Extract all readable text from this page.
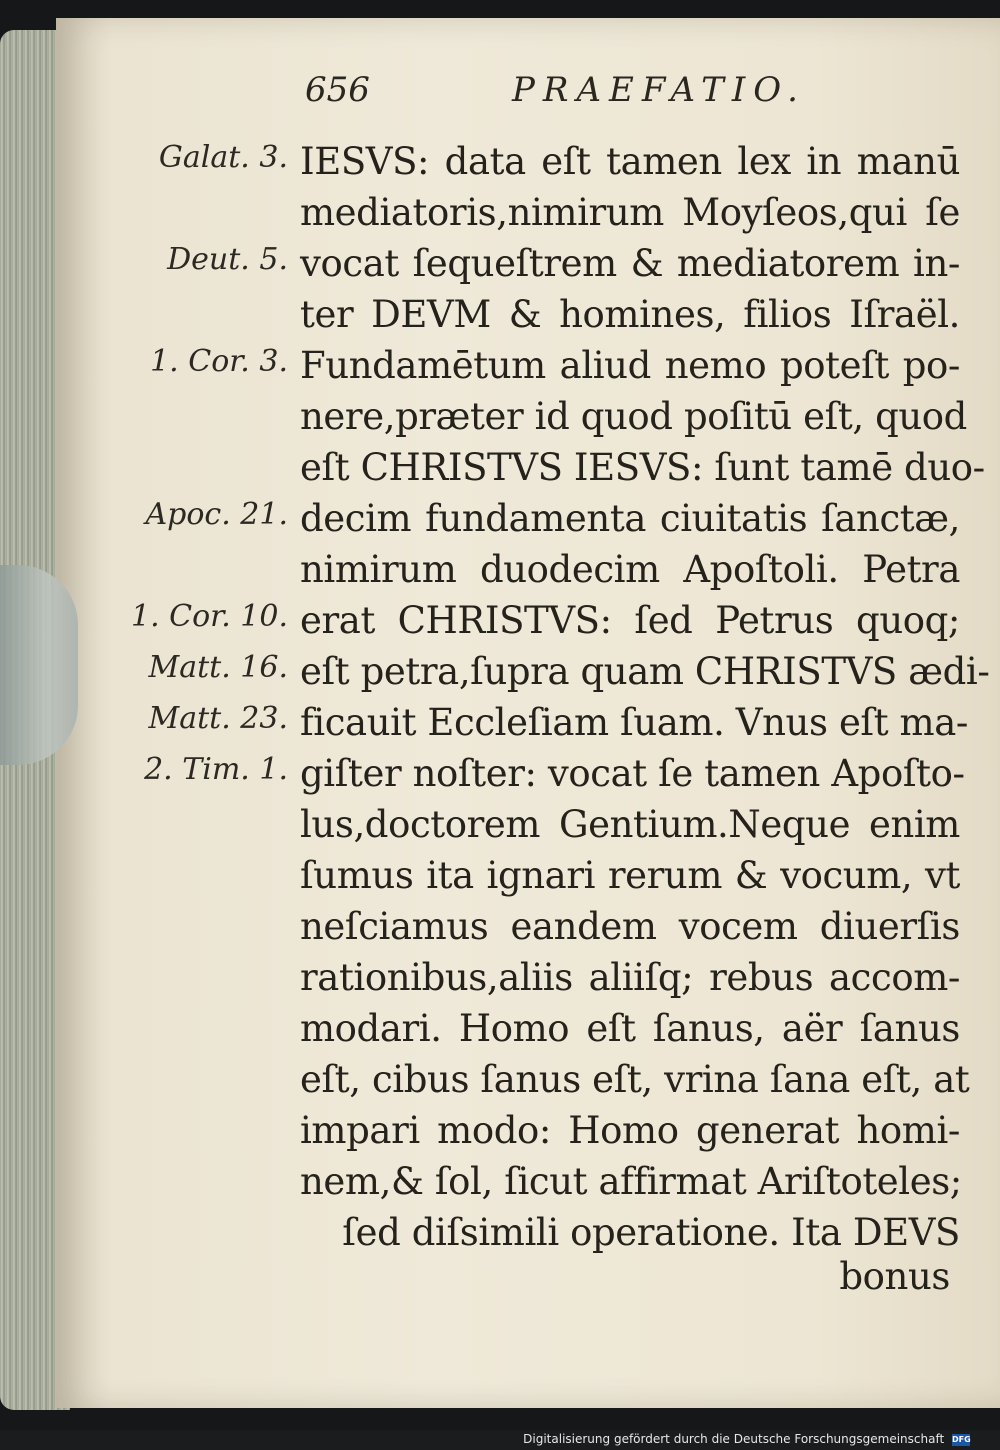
656	PRAEFATIO.
Galat. 3. IESVS: data eſt tamen lex in manū
mediatoris,nimirum Moyſeos,qui ſe
Deut. 5. vocat ſequeſtrem & mediatorem in-
ter DEVM & homines, filios Iſraël.
1. Cor. 3. Fundamētum aliud nemo poteſt po-
nere,præter id quod poſitū eſt, quod
eſt CHRISTVS IESVS: ſunt tamē duo-
Apoc. 21. decim fundamenta ciuitatis ſanctæ,
nimirum duodecim Apoſtoli. Petra
1. Cor. 10. erat CHRISTVS: ſed Petrus quoq;
Matt. 16. eſt petra,ſupra quam CHRISTVS ædi-
Matt. 23. ficauit Eccleſiam ſuam. Vnus eſt ma-
2. Tim. 1. giſter noſter: vocat ſe tamen Apoſto-
lus,doctorem Gentium.Neque enim
ſumus ita ignari rerum & vocum, vt
neſciamus eandem vocem diuerſis
rationibus,aliis aliiſq; rebus accom-
modari. Homo eſt ſanus, aër ſanus
eſt, cibus ſanus eſt, vrina ſana eſt, at
impari modo: Homo generat homi-
nem,& ſol, ſicut affirmat Ariſtoteles;
ſed diſsimili operatione. Ita DEVS
bonus
Digitalisierung gefördert durch die Deutsche Forschungsgemeinschaft DFG
